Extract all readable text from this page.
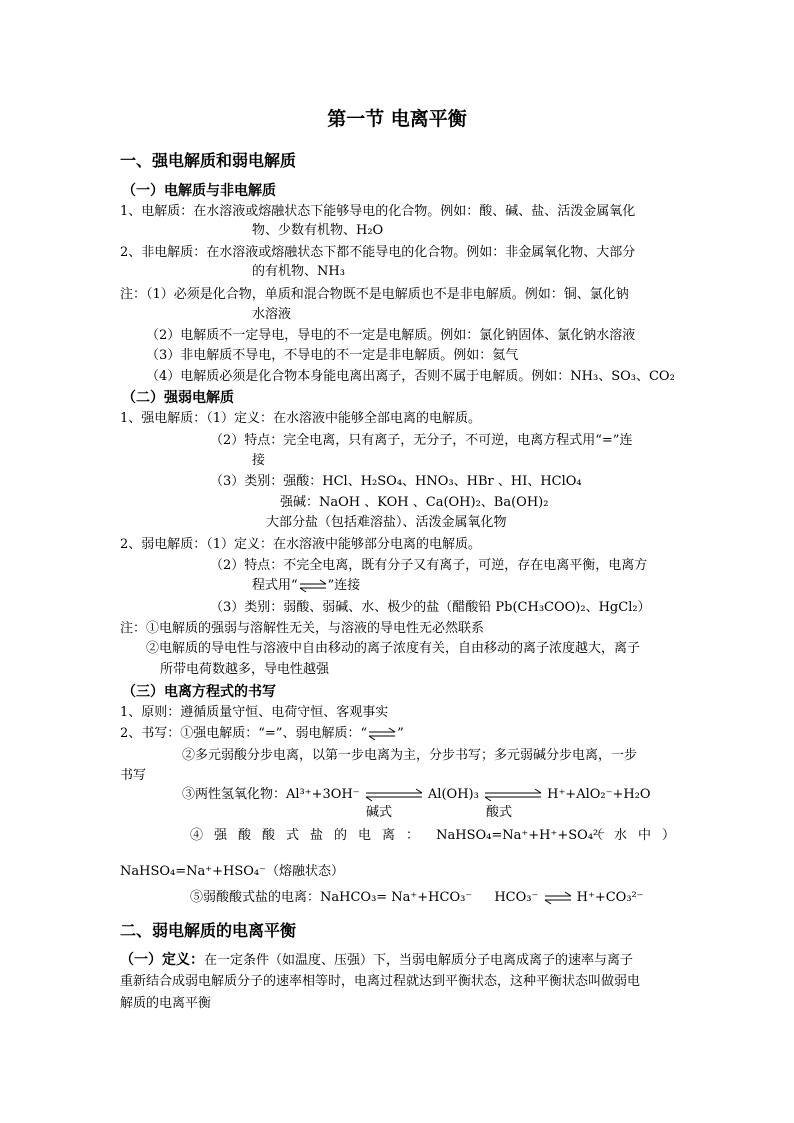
第一节 电离平衡
一、强电解质和弱电解质
（一）电解质与非电解质
1、电解质：在水溶液或熔融状态下能够导电的化合物。例如：酸、碱、盐、活泼金属氧化
物、少数有机物、H₂O
2、非电解质：在水溶液或熔融状态下都不能导电的化合物。例如：非金属氧化物、大部分
的有机物、NH₃
注：（1）必须是化合物，单质和混合物既不是电解质也不是非电解质。例如：铜、氯化钠
水溶液
（2）电解质不一定导电，导电的不一定是电解质。例如：氯化钠固体、氯化钠水溶液
（3）非电解质不导电，不导电的不一定是非电解质。例如：氦气
（4）电解质必须是化合物本身能电离出离子，否则不属于电解质。例如：NH₃、SO₃、CO₂
（二）强弱电解质
1、强电解质：（1）定义：在水溶液中能够全部电离的电解质。
（2）特点：完全电离，只有离子，无分子，不可逆，电离方程式用“=”连
接
（3）类别：强酸：HCl、H₂SO₄、HNO₃、HBr 、HI、HClO₄
强碱：NaOH 、KOH 、Ca(OH)₂、Ba(OH)₂
大部分盐（包括难溶盐）、活泼金属氧化物
2、弱电解质：（1）定义：在水溶液中能够部分电离的电解质。
（2）特点：不完全电离，既有分子又有离子，可逆，存在电离平衡，电离方
程式用“⇌”连接
（3）类别：弱酸、弱碱、水、极少的盐（醋酸铅 Pb(CH₃COO)₂、HgCl₂）
注：①电解质的强弱与溶解性无关，与溶液的导电性无必然联系
②电解质的导电性与溶液中自由移动的离子浓度有关，自由移动的离子浓度越大，离子
所带电荷数越多，导电性越强
（三）电离方程式的书写
1、原则：遵循质量守恒、电荷守恒、客观事实
2、书写：①强电解质：“=”、弱电解质：“⇌”
②多元弱酸分步电离，以第一步电离为主，分步书写；多元弱碱分步电离，一步
书写
③两性氢氧化物：Al³⁺+3OH⁻	Al(OH)₃	H⁺+AlO₂⁻+H₂O
碱式	酸式
④强酸酸式盐的电离： NaHSO₄=Na⁺+H⁺+SO₄²⁻
（水中）
NaHSO₄=Na⁺+HSO₄⁻（熔融状态）
⑤弱酸酸式盐的电离：NaHCO₃= Na⁺+HCO₃⁻ HCO₃⁻ ⇌ H⁺+CO₃²⁻
二、弱电解质的电离平衡
（一）定义：在一定条件（如温度、压强）下，当弱电解质分子电离成离子的速率与离子
重新结合成弱电解质分子的速率相等时，电离过程就达到平衡状态，这种平衡状态叫做弱电
解质的电离平衡
